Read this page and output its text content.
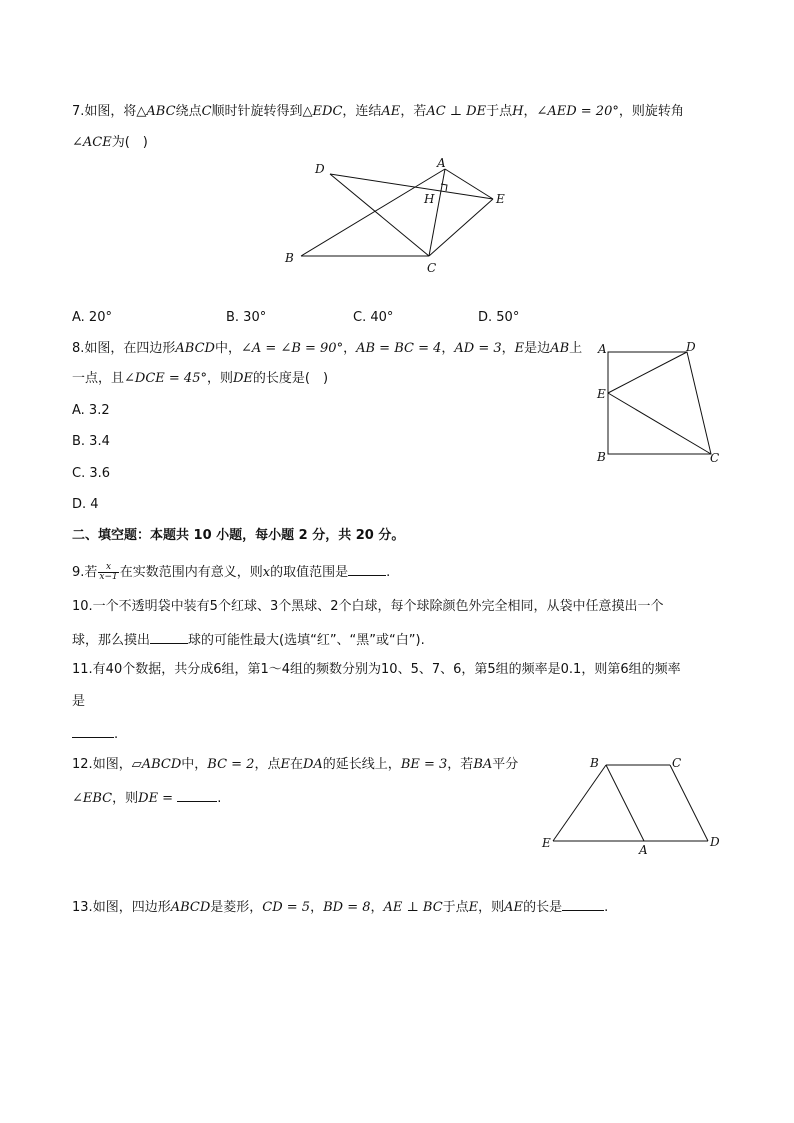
7.如图，将△ABC绕点C顺时针旋转得到△EDC，连结AE，若AC ⊥ DE于点H，∠AED = 20°，则旋转角
∠ACE为(　)
A
B
C
D
E
H
A. 20°	B. 30°	C. 40°	D. 50°
8.如图，在四边形ABCD中，∠A = ∠B = 90°，AB = BC = 4，AD = 3，E是边AB上
一点，且∠DCE = 45°，则DE的长度是(　)
A. 3.2
B. 3.4
C. 3.6
D. 4
A	D
E
B	C
二、填空题：本题共 10 小题，每小题 2 分，共 20 分。
9.若 $\frac{x}{x-1}$ 在实数范围内有意义，则x的取值范围是	.
10.一个不透明袋中装有5个红球、3个黑球、2个白球，每个球除颜色外完全相同，从袋中任意摸出一个
球，那么摸出	球的可能性最大(选填“红”、“黑”或“白”).
11.有40个数据，共分成6组，第1～4组的频数分别为10、5、7、6，第5组的频率是0.1，则第6组的频率
是
.
12.如图，▱ABCD中，BC = 2，点E在DA的延长线上，BE = 3，若BA平分
∠EBC，则DE =	.
B	C
E	A
D
13.如图，四边形ABCD是菱形，CD = 5，BD = 8，AE ⊥ BC于点E，则AE的长是	.
